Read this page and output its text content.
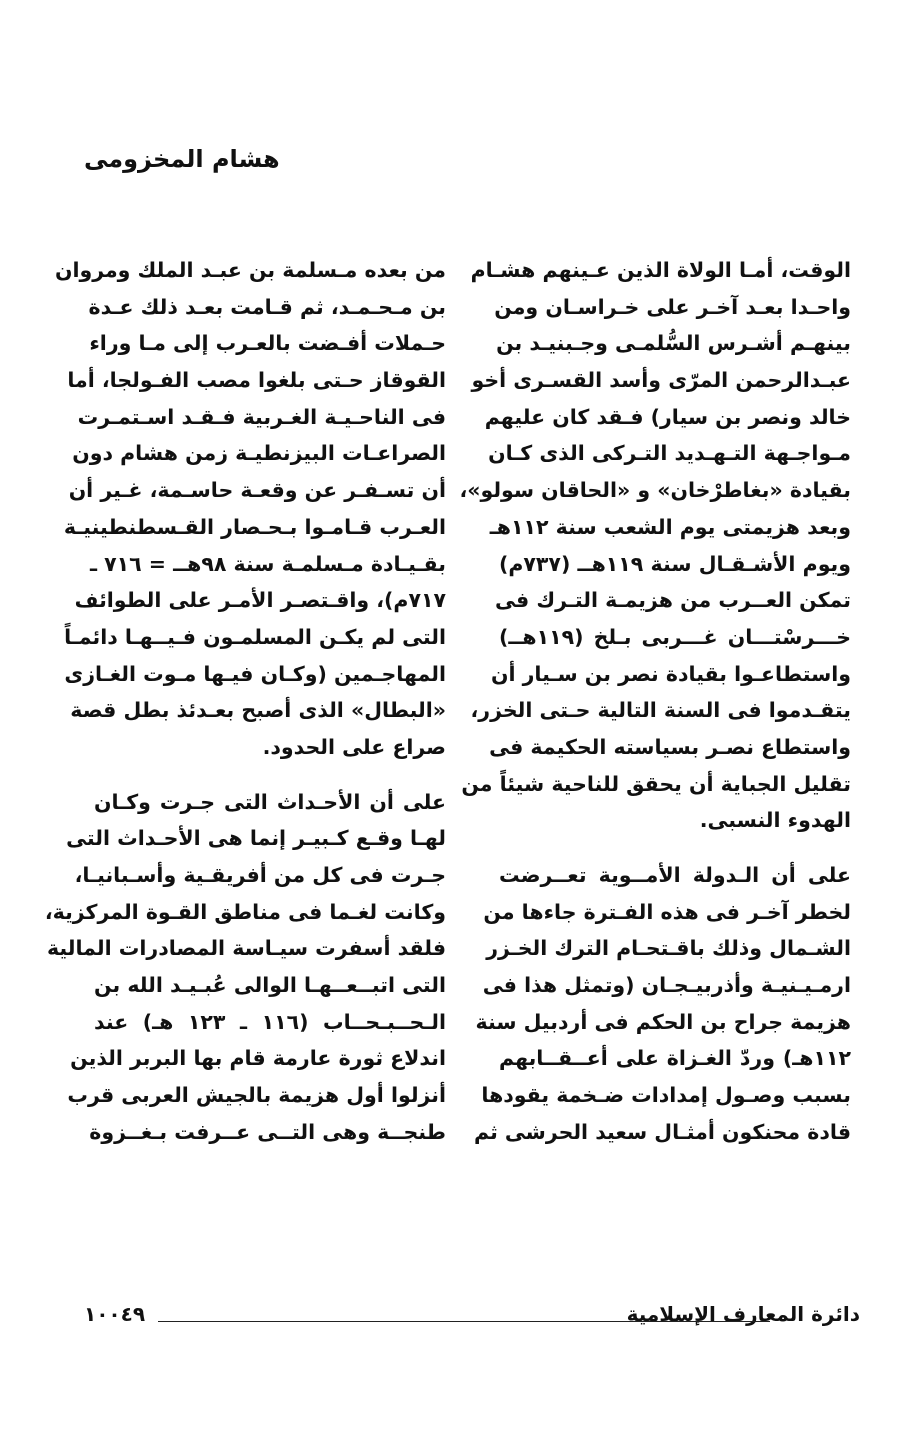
هشام المخزومى
الوقت، أمـا الولاة الذين عـينهم هشـام
واحـدا بعـد آخـر على خـراسـان ومن
بينهـم أشـرس السُّلمـى وجـبنيـد بن
عبـدالرحمن المرّى وأسد القسـرى أخو
خالد ونصر بن سيار) فـقد كان عليهم
مـواجـهة التـهـديد التـركى الذى كـان
بقيادة «بغاطرْخان» و «الحاقان سولو»،
وبعد هزيمتى يوم الشعب سنة ١١٢هـ
ويوم الأشـقـال سنة ١١٩هــ (٧٣٧م)
تمكن العــرب من هزيمـة التـرك فى
خـــرسْتـــان غـــربى بـلخ (١١٩هــ)
واستطاعـوا بقيادة نصر بن سـيار أن
يتقـدموا فى السنة التالية حـتى الخزر،
واستطاع نصـر بسياسته الحكيمة فى
تقليل الجباية أن يحقق للناحية شيئاً من
الهدوء النسبى.
على أن الـدولة الأمــوية تعــرضت
لخطر آخـر فى هذه الفـترة جاءها من
الشـمال وذلك باقـتحـام الترك الخـزر
ارمـيـنيـة وأذربيـجـان (وتمثل هذا فى
هزيمة جراح بن الحكم فى أردبيل سنة
١١٢هـ) وردّ الغـزاة على أعــقــابهم
بسبب وصـول إمدادات ضـخمة يقودها
قادة محنكون أمثـال سعيد الحرشى ثم
من بعده مـسلمة بن عبـد الملك ومروان
بن مـحـمـد، ثم قـامت بعـد ذلك عـدة
حـملات أفـضت بالعـرب إلى مـا وراء
القوقاز حـتى بلغوا مصب الفـولجا، أما
فى الناحـيـة الغـربية فـقـد اسـتمـرت
الصراعـات البيزنطيـة زمن هشام دون
أن تسـفـر عن وقعـة حاسـمة، غـير أن
العـرب قـامـوا بـحـصار القـسطنطينيـة
بقـيـادة مـسلمـة سنة ٩٨هــ = ٧١٦ ـ
٧١٧م)، واقـتصـر الأمـر على الطوائف
التى لم يكـن المسلمـون فـيــهـا دائمـاً
المهاجـمين (وكـان فيـها مـوت الغـازى
«البطال» الذى أصبح بعـدئذ بطل قصة
صراع على الحدود.
على أن الأحـداث التى جـرت وكـان
لهـا وقـع كـبيـر إنما هى الأحـداث التى
جـرت فى كل من أفريقـية وأسـبانيـا،
وكانت لغـما فى مناطق القـوة المركزية،
فلقد أسفرت سيـاسة المصادرات المالية
التى اتبــعــهـا الوالى عُبـيـد الله بن
الـحــبـحــاب (١١٦ ـ ١٢٣ هـ) عند
اندلاع ثورة عارمة قام بها البربر الذين
أنزلوا أول هزيمة بالجيش العربى قرب
طنجــة وهى التــى عــرفت بـغــزوة
دائرة المعارف الإسلامية
١٠٠٤٩
